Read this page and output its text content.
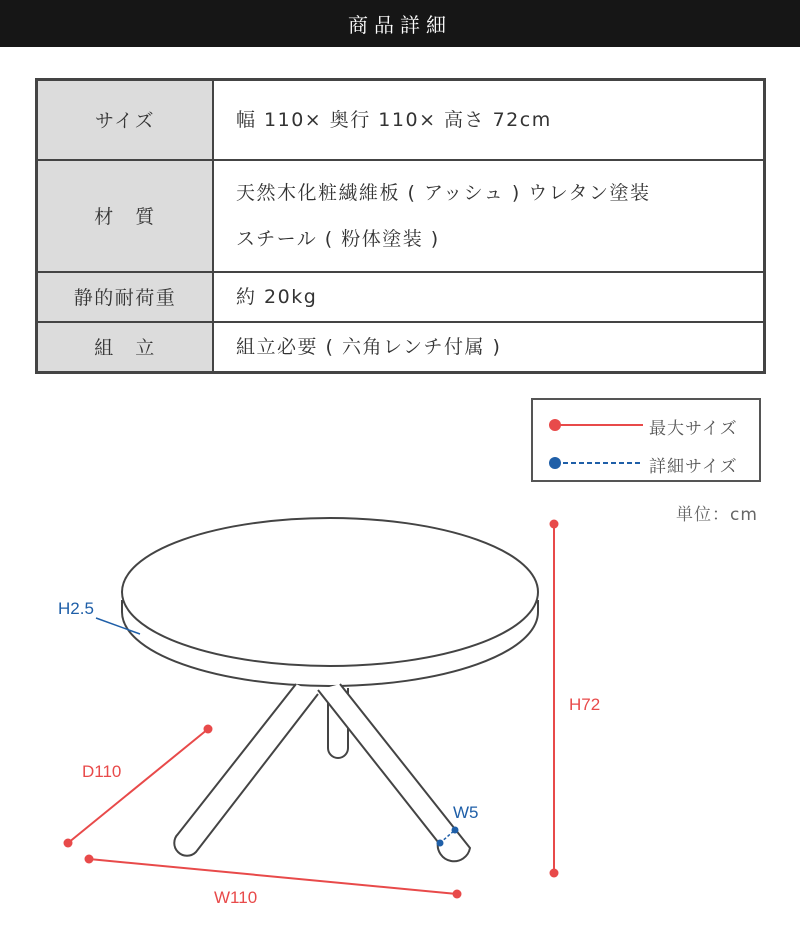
商品詳細
サイズ	幅 110× 奥行 110× 高さ 72cm

材　質	天然木化粧繊維板 ( アッシュ ) ウレタン塗装
スチール ( 粉体塗装 )

静的耐荷重	約 20kg

組　立	組立必要 ( 六角レンチ付属 )
最大サイズ
詳細サイズ
単位：cm
H72
D110
W110
H2.5
W5
